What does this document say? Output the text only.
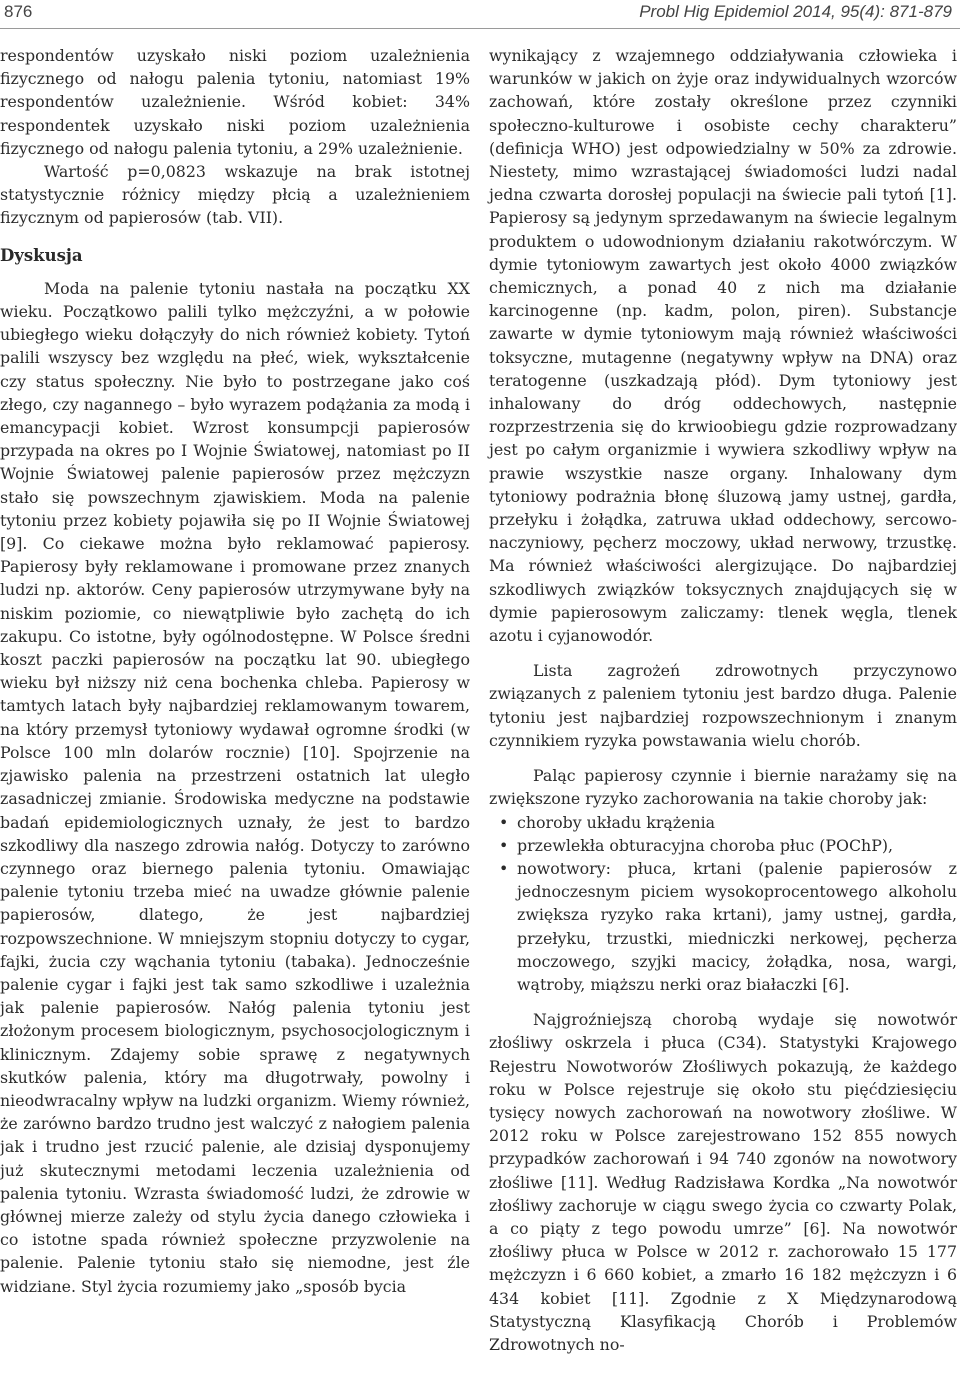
876	Probl Hig Epidemiol 2014, 95(4): 871-879

respondentów uzyskało niski poziom uzależnienia fizycznego od nałogu palenia tytoniu, natomiast 19% respondentów uzależnienie. Wśród kobiet: 34% respondentek uzyskało niski poziom uzależnienia fizycznego od nałogu palenia tytoniu, a 29% uzależnienie.

Wartość p=0,0823 wskazuje na brak istotnej statystycznie różnicy między płcią a uzależnieniem fizycznym od papierosów (tab. VII).

Dyskusja

Moda na palenie tytoniu nastała na początku XX wieku. Początkowo palili tylko mężczyźni, a w połowie ubiegłego wieku dołączyły do nich również kobiety. Tytoń palili wszyscy bez względu na płeć, wiek, wykształcenie czy status społeczny. Nie było to postrzegane jako coś złego, czy nagannego – było wyrazem podążania za modą i emancypacji kobiet. Wzrost konsumpcji papierosów przypada na okres po I Wojnie Światowej, natomiast po II Wojnie Światowej palenie papierosów przez mężczyzn stało się powszechnym zjawiskiem. Moda na palenie tytoniu przez kobiety pojawiła się po II Wojnie Światowej [9]. Co ciekawe można było reklamować papierosy. Papierosy były reklamowane i promowane przez znanych ludzi np. aktorów. Ceny papierosów utrzymywane były na niskim poziomie, co niewątpliwie było zachętą do ich zakupu. Co istotne, były ogólnodostępne. W Polsce średni koszt paczki papierosów na początku lat 90. ubiegłego wieku był niższy niż cena bochenka chleba. Papierosy w tamtych latach były najbardziej reklamowanym towarem, na który przemysł tytoniowy wydawał ogromne środki (w Polsce 100 mln dolarów rocznie) [10]. Spojrzenie na zjawisko palenia na przestrzeni ostatnich lat uległo zasadniczej zmianie. Środowiska medyczne na podstawie badań epidemiologicznych uznały, że jest to bardzo szkodliwy dla naszego zdrowia nałóg. Dotyczy to zarówno czynnego oraz biernego palenia tytoniu. Omawiając palenie tytoniu trzeba mieć na uwadze głównie palenie papierosów, dlatego, że jest najbardziej rozpowszechnione. W mniejszym stopniu dotyczy to cygar, fajki, żucia czy wąchania tytoniu (tabaka). Jednocześnie palenie cygar i fajki jest tak samo szkodliwe i uzależnia jak palenie papierosów. Nałóg palenia tytoniu jest złożonym procesem biologicznym, psychosocjologicznym i klinicznym. Zdajemy sobie sprawę z negatywnych skutków palenia, który ma długotrwały, powolny i nieodwracalny wpływ na ludzki organizm. Wiemy również, że zarówno bardzo trudno jest walczyć z nałogiem palenia jak i trudno jest rzucić palenie, ale dzisiaj dysponujemy już skutecznymi metodami leczenia uzależnienia od palenia tytoniu. Wzrasta świadomość ludzi, że zdrowie w głównej mierze zależy od stylu życia danego człowieka i co istotne spada również społeczne przyzwolenie na palenie. Palenie tytoniu stało się niemodne, jest źle widziane. Styl życia rozumiemy jako „sposób bycia

wynikający z wzajemnego oddziaływania człowieka i warunków w jakich on żyje oraz indywidualnych wzorców zachowań, które zostały określone przez czynniki społeczno-kulturowe i osobiste cechy charakteru” (definicja WHO) jest odpowiedzialny w 50% za zdrowie. Niestety, mimo wzrastającej świadomości ludzi nadal jedna czwarta dorosłej populacji na świecie pali tytoń [1]. Papierosy są jedynym sprzedawanym na świecie legalnym produktem o udowodnionym działaniu rakotwórczym. W dymie tytoniowym zawartych jest około 4000 związków chemicznych, a ponad 40 z nich ma działanie karcinogenne (np. kadm, polon, piren). Substancje zawarte w dymie tytoniowym mają również właściwości toksyczne, mutagenne (negatywny wpływ na DNA) oraz teratogenne (uszkadzają płód). Dym tytoniowy jest inhalowany do dróg oddechowych, następnie rozprzestrzenia się do krwioobiegu gdzie rozprowadzany jest po całym organizmie i wywiera szkodliwy wpływ na prawie wszystkie nasze organy. Inhalowany dym tytoniowy podrażnia błonę śluzową jamy ustnej, gardła, przełyku i żołądka, zatruwa układ oddechowy, sercowo-naczyniowy, pęcherz moczowy, układ nerwowy, trzustkę. Ma również właściwości alergizujące. Do najbardziej szkodliwych związków toksycznych znajdujących się w dymie papierosowym zaliczamy: tlenek węgla, tlenek azotu i cyjanowodór.

Lista zagrożeń zdrowotnych przyczynowo związanych z paleniem tytoniu jest bardzo długa. Palenie tytoniu jest najbardziej rozpowszechnionym i znanym czynnikiem ryzyka powstawania wielu chorób.

Paląc papierosy czynnie i biernie narażamy się na zwiększone ryzyko zachorowania na takie choroby jak:

• choroby układu krążenia
• przewlekła obturacyjna choroba płuc (POChP),
• nowotwory: płuca, krtani (palenie papierosów z jednoczesnym piciem wysokoprocentowego alkoholu zwiększa ryzyko raka krtani), jamy ustnej, gardła, przełyku, trzustki, miedniczki nerkowej, pęcherza moczowego, szyjki macicy, żołądka, nosa, wargi, wątroby, miąższu nerki oraz białaczki [6].

Najgroźniejszą chorobą wydaje się nowotwór złośliwy oskrzela i płuca (C34). Statystyki Krajowego Rejestru Nowotworów Złośliwych pokazują, że każdego roku w Polsce rejestruje się około stu pięćdziesięciu tysięcy nowych zachorowań na nowotwory złośliwe. W 2012 roku w Polsce zarejestrowano 152 855 nowych przypadków zachorowań i 94 740 zgonów na nowotwory złośliwe [11]. Według Radzisława Kordka „Na nowotwór złośliwy zachoruje w ciągu swego życia co czwarty Polak, a co piąty z tego powodu umrze” [6]. Na nowotwór złośliwy płuca w Polsce w 2012 r. zachorowało 15 177 mężczyzn i 6 660 kobiet, a zmarło 16 182 mężczyzn i 6 434 kobiet [11]. Zgodnie z X Międzynarodową Statystyczną Klasyfikacją Chorób i Problemów Zdrowotnych no-
